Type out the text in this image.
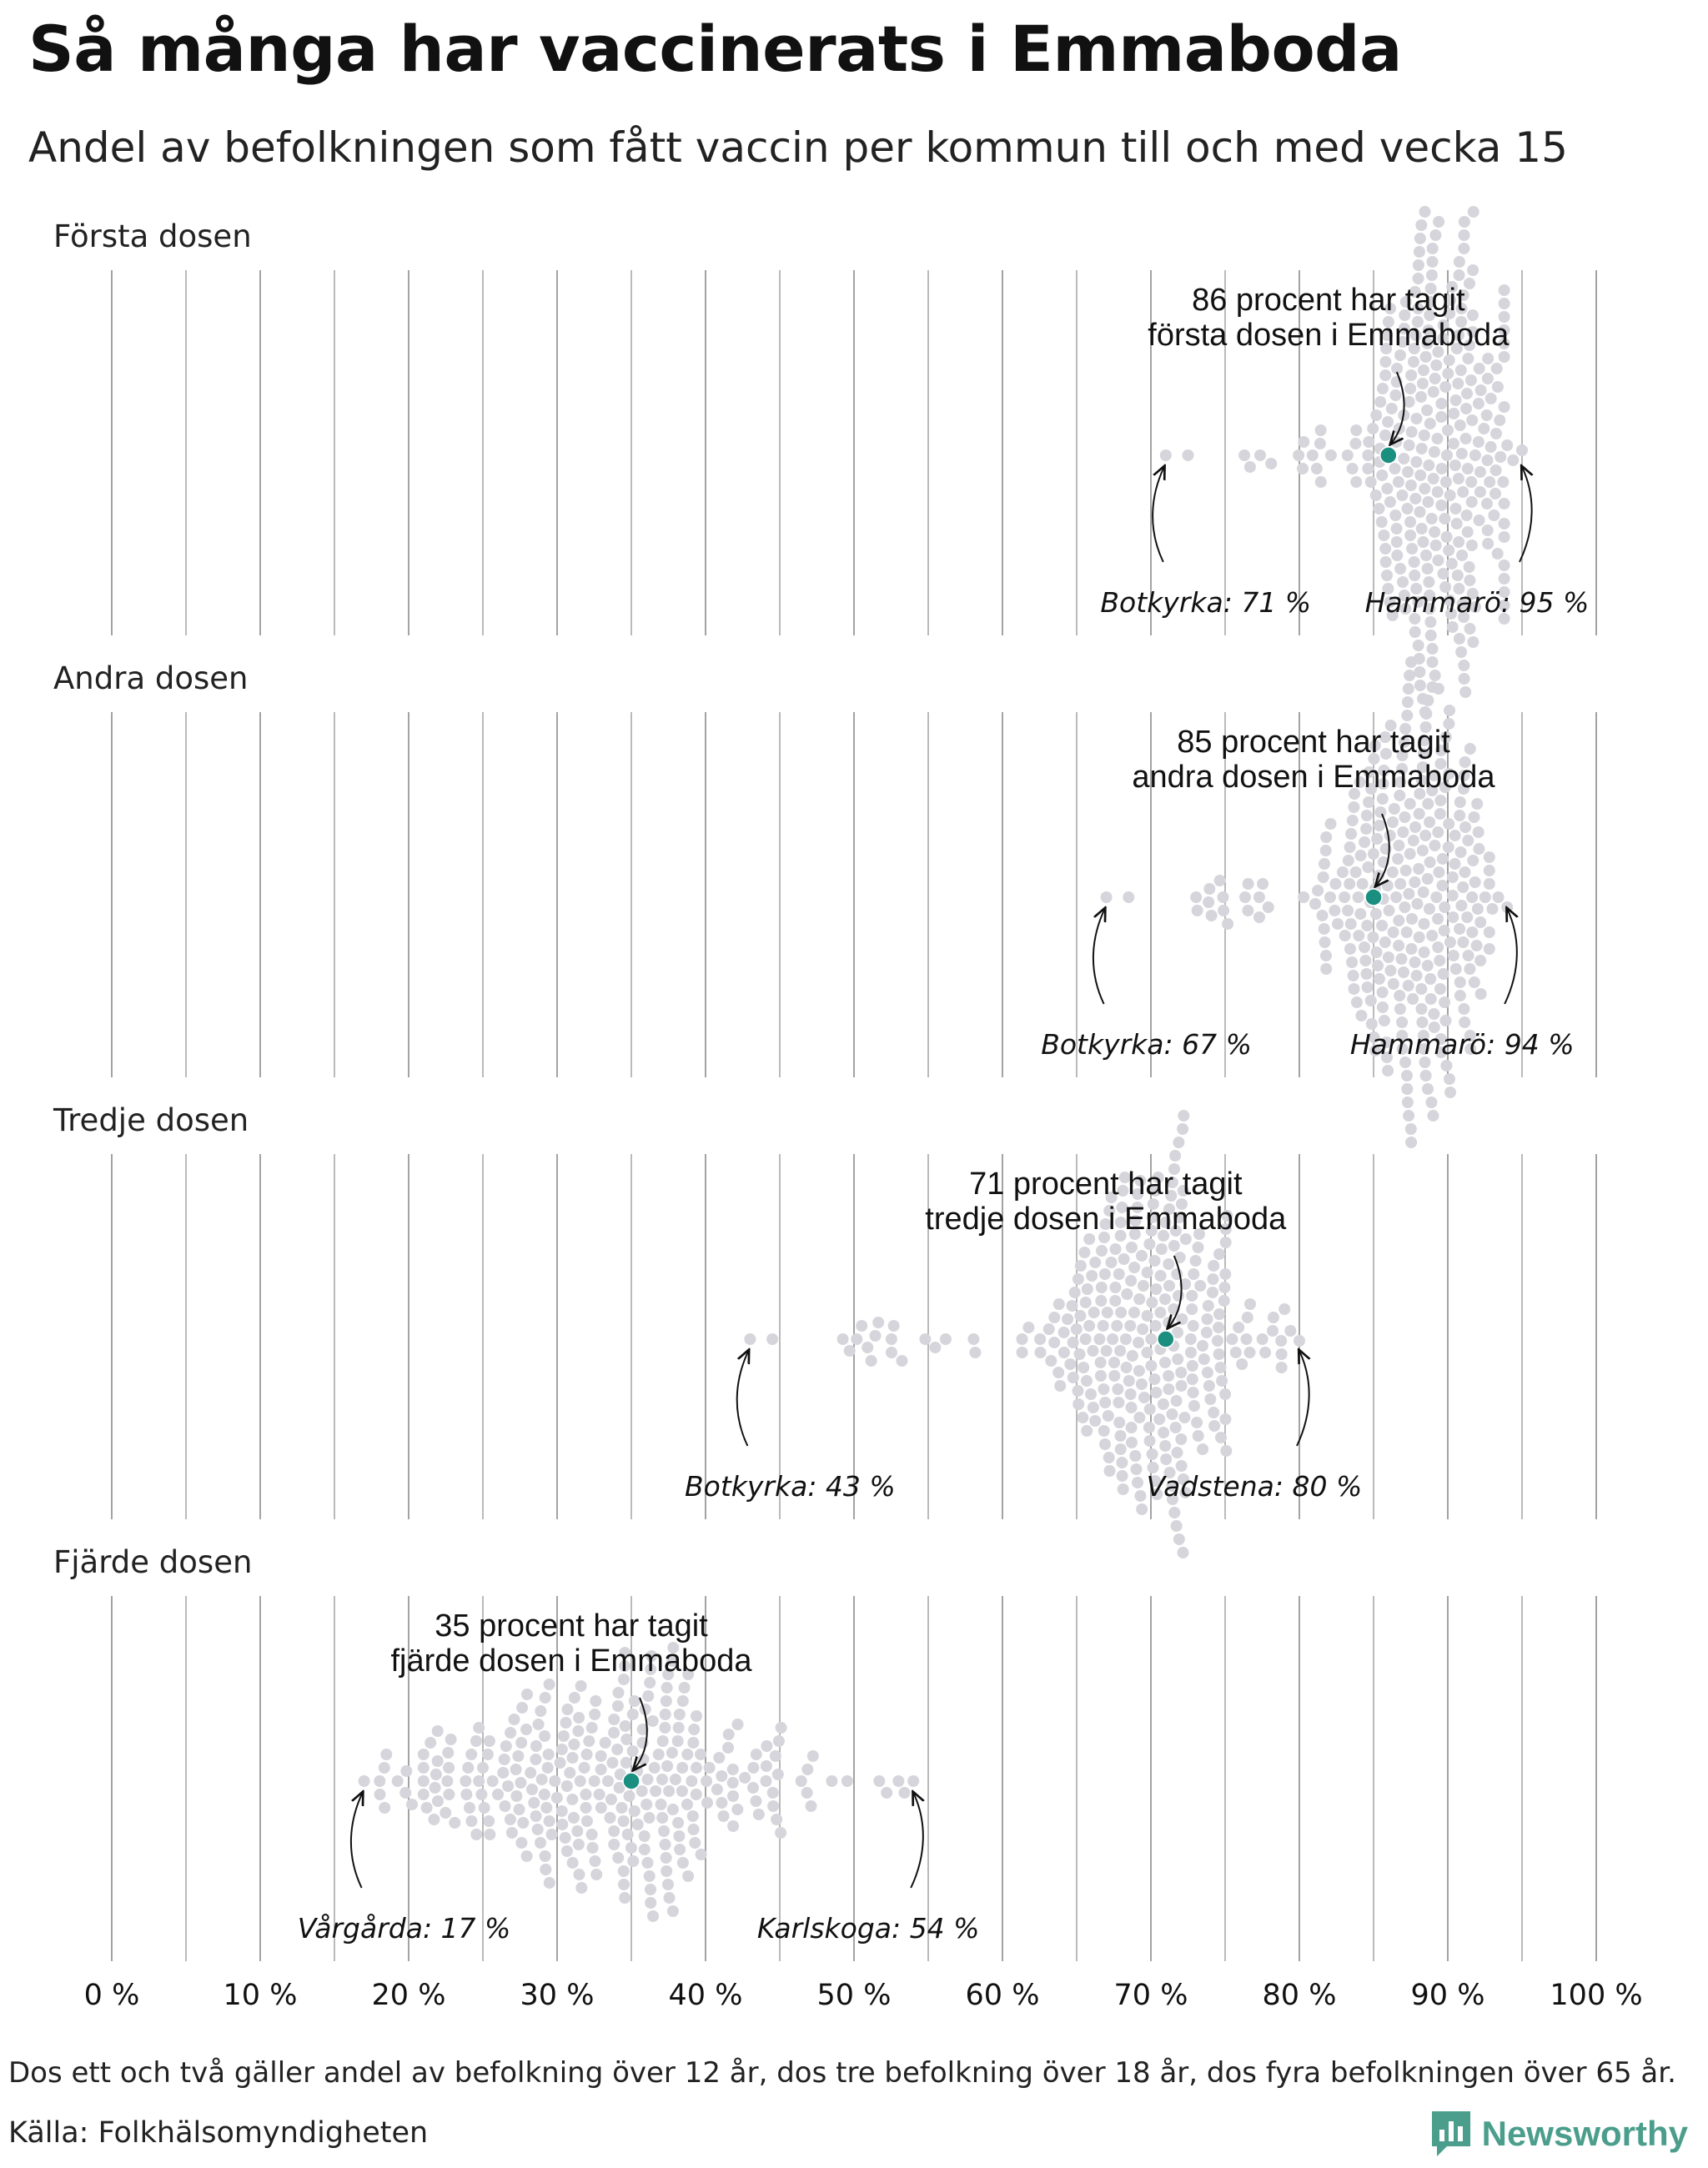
Så många har vaccinerats i Emmaboda
Andel av befolkningen som fått vaccin per kommun till och med vecka 15
Första dosen
86 procent har tagit
första dosen i Emmaboda
Botkyrka: 71 % Hammarö: 95 %
Andra dosen
85 procent har tagit
andra dosen i Emmaboda
Botkyrka: 67 %	Hammarö: 94 %
Tredje dosen
71 procent har tagit
tredje dosen i Emmaboda
Botkyrka: 43 %	Vadstena: 80 %
Fjärde dosen
35 procent har tagit
fjärde dosen i Emmaboda
Vårgårda: 17 %	Karlskoga: 54 %
0 %	10 %	20 %	30 %	40 %	50 %	60 %	70 %	80 %	90 % 100 %
Dos ett och två gäller andel av befolkning över 12 år, dos tre befolkning över 18 år, dos fyra befolkningen över 65 år.
Källa: Folkhälsomyndigheten	Newsworthy
